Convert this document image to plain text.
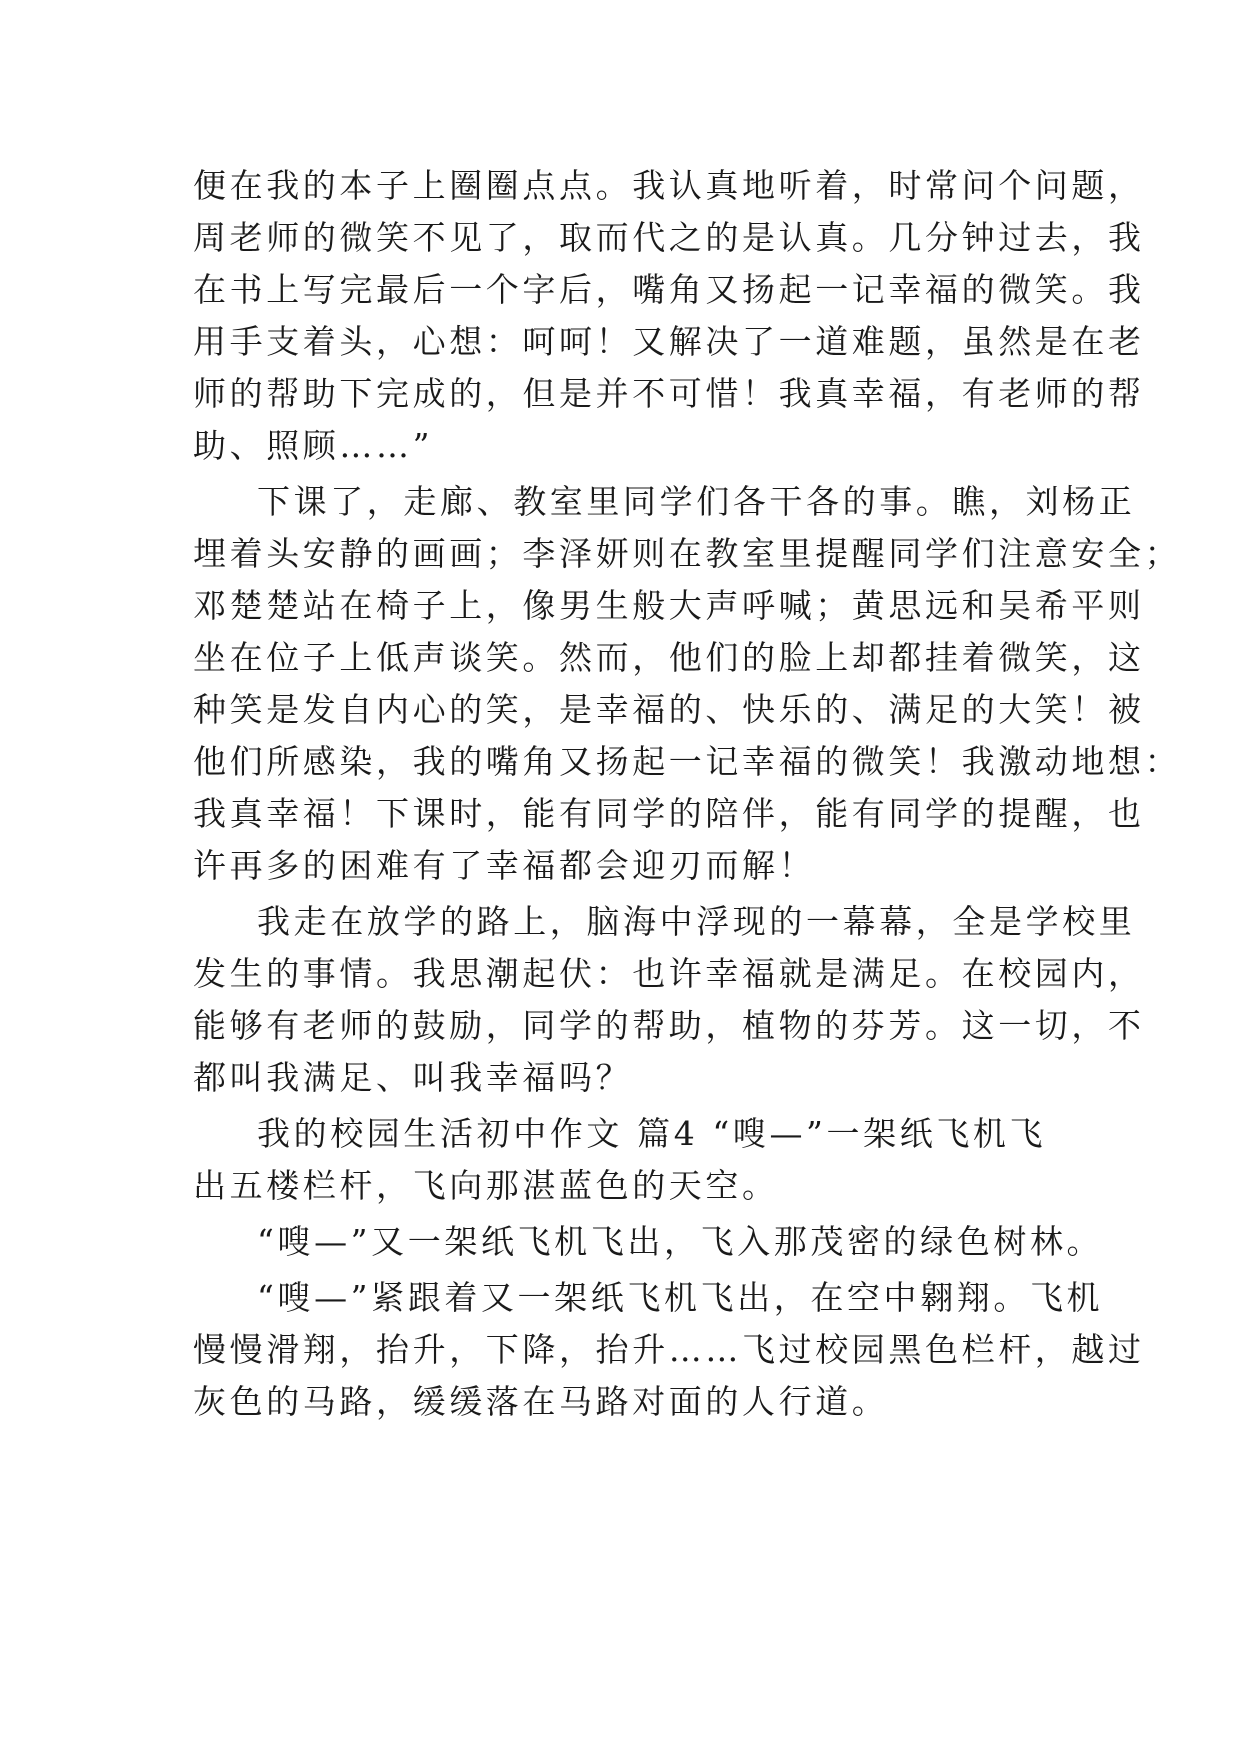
便在我的本子上圈圈点点。我认真地听着，时常问个问题，
周老师的微笑不见了，取而代之的是认真。几分钟过去，我
在书上写完最后一个字后，嘴角又扬起一记幸福的微笑。我
用手支着头，心想：呵呵！又解决了一道难题，虽然是在老
师的帮助下完成的，但是并不可惜！我真幸福，有老师的帮
助、照顾……”
下课了，走廊、教室里同学们各干各的事。瞧，刘杨正
埋着头安静的画画；李泽妍则在教室里提醒同学们注意安全；
邓楚楚站在椅子上，像男生般大声呼喊；黄思远和吴希平则
坐在位子上低声谈笑。然而，他们的脸上却都挂着微笑，这
种笑是发自内心的笑，是幸福的、快乐的、满足的大笑！被
他们所感染，我的嘴角又扬起一记幸福的微笑！我激动地想：
我真幸福！下课时，能有同学的陪伴，能有同学的提醒，也
许再多的困难有了幸福都会迎刃而解！
我走在放学的路上，脑海中浮现的一幕幕，全是学校里
发生的事情。我思潮起伏：也许幸福就是满足。在校园内，
能够有老师的鼓励，同学的帮助，植物的芬芳。这一切，不
都叫我满足、叫我幸福吗？
我的校园生活初中作文 篇4 “嗖—”一架纸飞机飞
出五楼栏杆，飞向那湛蓝色的天空。
“嗖—”又一架纸飞机飞出，飞入那茂密的绿色树林。
“嗖—”紧跟着又一架纸飞机飞出，在空中翱翔。飞机
慢慢滑翔，抬升，下降，抬升……飞过校园黑色栏杆，越过
灰色的马路，缓缓落在马路对面的人行道。
